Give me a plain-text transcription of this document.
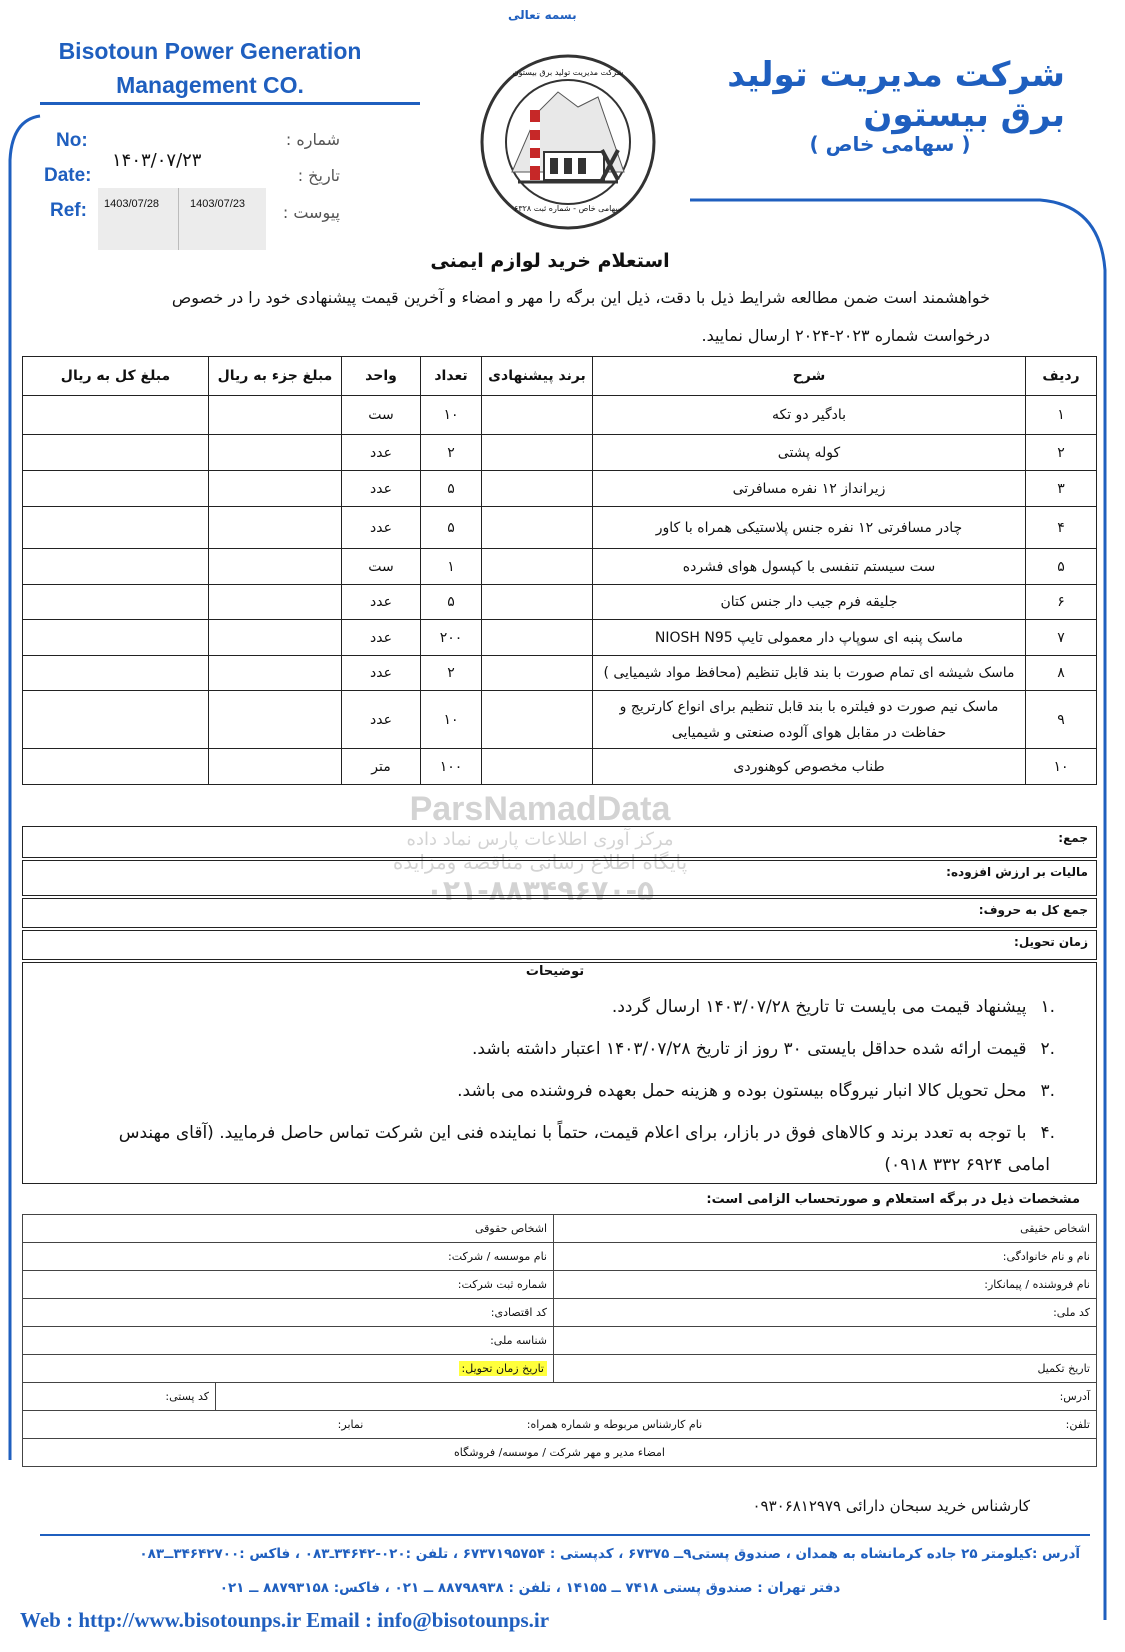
ParsNamadData
مرکز آوری اطلاعات پارس نماد داده
پایگاه اطلاع رسانی مناقصه ومزایده
۰۲۱-۸۸۳۴۹۶۷۰-۵
بسمه تعالی
Bisotoun Power Generation
Management CO.	شرکت مدیریت تولید برق بیستون
سهامی خاص - شماره ثبت ۶۳۲۸
شرکت مدیریت تولید برق بیستون
( سهامی خاص )
No:
Date:
Ref:
شماره :
تاریخ :
پیوست :
۱۴۰۳/۰۷/۲۳
1403/07/28	1403/07/23
استعلام خرید لوازم ایمنی
خواهشمند است ضمن مطالعه شرایط ذیل با دقت، ذیل این برگه را مهر و امضاء و آخرین قیمت پیشنهادی خود را در خصوص
درخواست شماره ۲۰۲۳-۲۰۲۴ ارسال نمایید.
ردیف	شرح	برند پیشنهادی	تعداد	واحد	مبلغ جزء به ریال	مبلغ کل به ریال
۱	بادگیر دو تکه		۱۰	ست		
۲	کوله پشتی		۲	عدد		
۳	زیرانداز ۱۲ نفره مسافرتی		۵	عدد		
۴	چادر مسافرتی ۱۲ نفره جنس پلاستیکی همراه با کاور		۵	عدد		
۵	ست سیستم تنفسی با کپسول هوای فشرده		۱	ست		
۶	جلیقه فرم جیب دار جنس کتان		۵	عدد		
۷	ماسک پنبه ای سوپاپ دار معمولی تایپ NIOSH N95		۲۰۰	عدد		
۸	ماسک شیشه ای تمام صورت با بند قابل تنظیم (محافظ مواد شیمیایی )		۲	عدد		
۹	ماسک نیم صورت دو فیلتره با بند قابل تنظیم برای انواع کارتریج و حفاظت در مقابل هوای آلوده صنعتی و شیمیایی		۱۰	عدد		
۱۰	طناب مخصوص کوهنوردی		۱۰۰	متر		
جمع:
مالیات بر ارزش افزوده:
جمع کل به حروف:
زمان تحویل:
توضیحات
.۱پیشنهاد قیمت می بایست تا تاریخ ۱۴۰۳/۰۷/۲۸ ارسال گردد.
.۲قیمت ارائه شده حداقل بایستی ۳۰ روز از تاریخ ۱۴۰۳/۰۷/۲۸ اعتبار داشته باشد.
.۳محل تحویل کالا انبار نیروگاه بیستون بوده و هزینه حمل بعهده فروشنده می باشد.
.۴با توجه به تعدد برند و کالاهای فوق در بازار، برای اعلام قیمت، حتماً با نماینده فنی این شرکت تماس حاصل فرمایید. (آقای مهندس
امامی ۶۹۲۴ ۳۳۲ ۰۹۱۸)
مشخصات ذیل در برگه استعلام و صورتحساب الزامی است:
اشخاص حقیقی	اشخاص حقوقی	
نام و نام خانوادگی:	نام موسسه / شرکت:	
نام فروشنده / پیمانکار:	شماره ثبت شرکت:	
کد ملی:	کد اقتصادی:	
	شناسه ملی:	
تاریخ تکمیل	تاریخ زمان تحویل:	
آدرس:		کد پستی:
تلفن: نام کارشناس مربوطه و شماره همراه: نمابر:		
امضاء مدیر و مهر شرکت / موسسه/ فروشگاه		
کارشناس خرید سبحان دارائی ۰۹۳۰۶۸۱۲۹۷۹
آدرس :کیلومتر ۲۵ جاده کرمانشاه به همدان ، صندوق پستی۹ــ ۶۷۳۷۵ ، کدپستی : ۶۷۳۷۱۹۵۷۵۴ ، تلفن :۰۲۰-۳۴۶۴۲ـ۰۸۳ ، فاکس :۳۴۶۴۲۷۰۰ــ۰۸۳
دفتر تهران : صندوق پستی ۷۴۱۸ ــ ۱۴۱۵۵ ، تلفن : ۸۸۷۹۸۹۳۸ ــ ۰۲۱ ، فاکس: ۸۸۷۹۳۱۵۸ ــ ۰۲۱
Web : http://www.bisotounps.ir Email : info@bisotounps.ir
